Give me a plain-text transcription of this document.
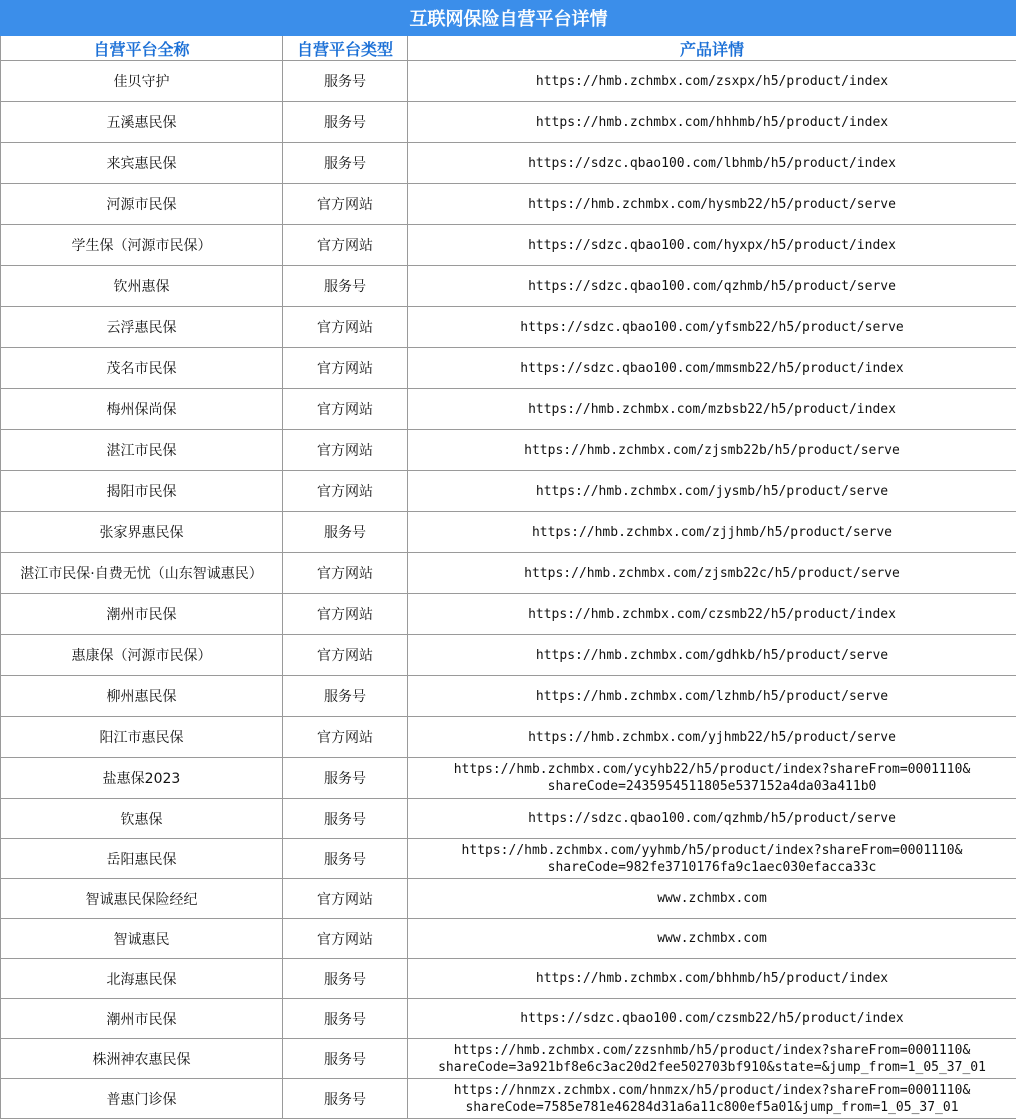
互联网保险自营平台详情		
自营平台全称	自营平台类型	产品详情
佳贝守护	服务号	https://hmb.zchmbx.com/zsxpx/h5/product/index
五溪惠民保	服务号	https://hmb.zchmbx.com/hhhmb/h5/product/index
来宾惠民保	服务号	https://sdzc.qbao100.com/lbhmb/h5/product/index
河源市民保	官方网站	https://hmb.zchmbx.com/hysmb22/h5/product/serve
学生保（河源市民保）	官方网站	https://sdzc.qbao100.com/hyxpx/h5/product/index
钦州惠保	服务号	https://sdzc.qbao100.com/qzhmb/h5/product/serve
云浮惠民保	官方网站	https://sdzc.qbao100.com/yfsmb22/h5/product/serve
茂名市民保	官方网站	https://sdzc.qbao100.com/mmsmb22/h5/product/index
梅州保尚保	官方网站	https://hmb.zchmbx.com/mzbsb22/h5/product/index
湛江市民保	官方网站	https://hmb.zchmbx.com/zjsmb22b/h5/product/serve
揭阳市民保	官方网站	https://hmb.zchmbx.com/jysmb/h5/product/serve
张家界惠民保	服务号	https://hmb.zchmbx.com/zjjhmb/h5/product/serve
湛江市民保·自费无忧（山东智诚惠民）	官方网站	https://hmb.zchmbx.com/zjsmb22c/h5/product/serve
潮州市民保	官方网站	https://hmb.zchmbx.com/czsmb22/h5/product/index
惠康保（河源市民保）	官方网站	https://hmb.zchmbx.com/gdhkb/h5/product/serve
柳州惠民保	服务号	https://hmb.zchmbx.com/lzhmb/h5/product/serve
阳江市惠民保	官方网站	https://hmb.zchmbx.com/yjhmb22/h5/product/serve
盐惠保2023	服务号	https://hmb.zchmbx.com/ycyhb22/h5/product/index?shareFrom=0001110&
shareCode=2435954511805e537152a4da03a411b0
钦惠保	服务号	https://sdzc.qbao100.com/qzhmb/h5/product/serve
岳阳惠民保	服务号	https://hmb.zchmbx.com/yyhmb/h5/product/index?shareFrom=0001110&
shareCode=982fe3710176fa9c1aec030efacca33c
智诚惠民保险经纪	官方网站	www.zchmbx.com
智诚惠民	官方网站	www.zchmbx.com
北海惠民保	服务号	https://hmb.zchmbx.com/bhhmb/h5/product/index
潮州市民保	服务号	https://sdzc.qbao100.com/czsmb22/h5/product/index
株洲神农惠民保	服务号	https://hmb.zchmbx.com/zzsnhmb/h5/product/index?shareFrom=0001110&
shareCode=3a921bf8e6c3ac20d2fee502703bf910&state=&jump_from=1_05_37_01
普惠门诊保	服务号	https://hnmzx.zchmbx.com/hnmzx/h5/product/index?shareFrom=0001110&
shareCode=7585e781e46284d31a6a11c800ef5a01&jump_from=1_05_37_01
